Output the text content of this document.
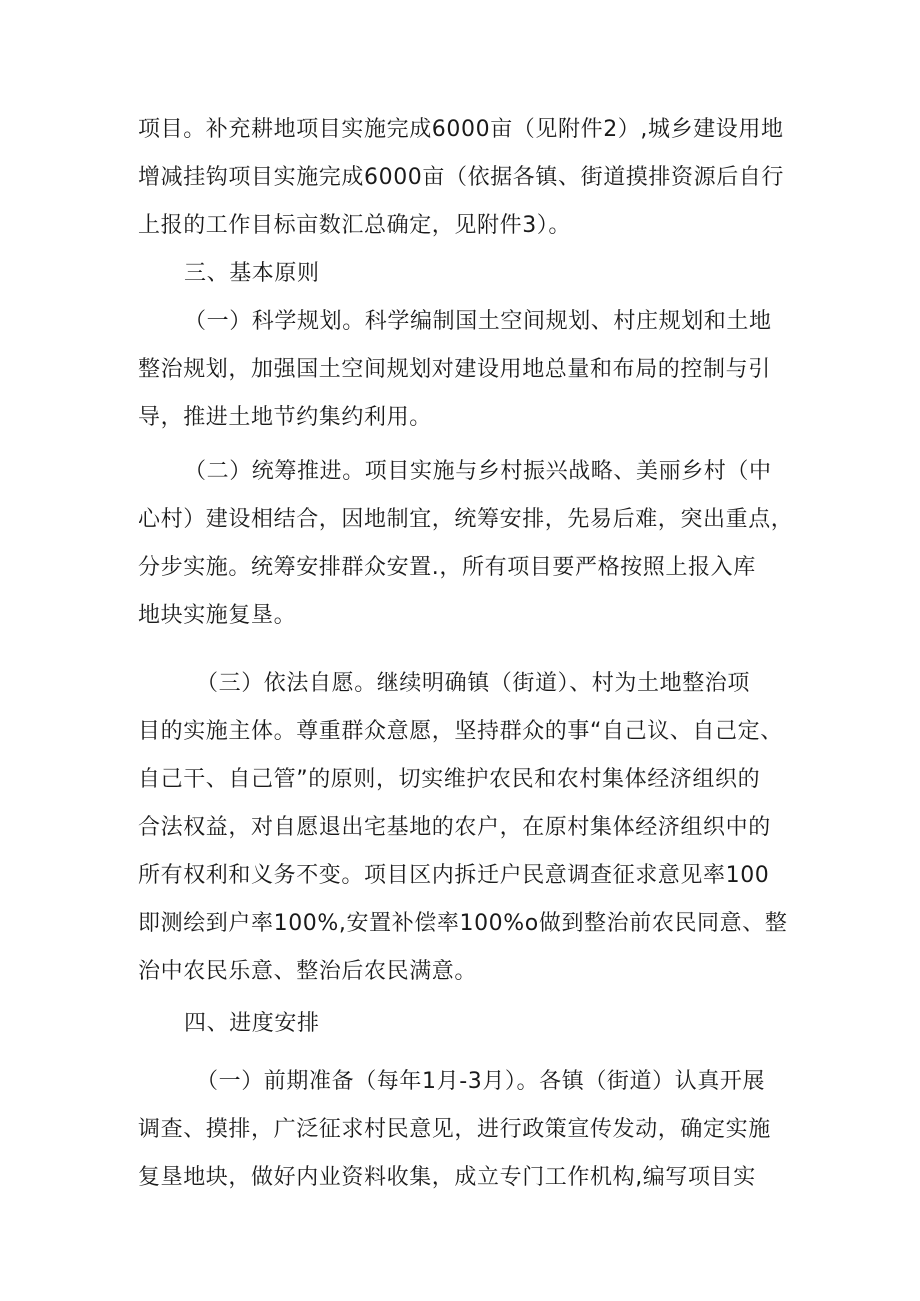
项目。补充耕地项目实施完成6000亩（见附件2）,城乡建设用地
增减挂钩项目实施完成6000亩（依据各镇、街道摸排资源后自行
上报的工作目标亩数汇总确定，见附件3）。
三、基本原则
（一）科学规划。科学编制国土空间规划、村庄规划和土地
整治规划，加强国土空间规划对建设用地总量和布局的控制与引
导，推进土地节约集约利用。
（二）统筹推进。项目实施与乡村振兴战略、美丽乡村（中
心村）建设相结合，因地制宜，统筹安排，先易后难，突出重点，
分步实施。统筹安排群众安置.，所有项目要严格按照上报入库
地块实施复垦。
（三）依法自愿。继续明确镇（街道）、村为土地整治项
目的实施主体。尊重群众意愿，坚持群众的事“自己议、自己定、
自己干、自己管”的原则，切实维护农民和农村集体经济组织的
合法权益，对自愿退出宅基地的农户，在原村集体经济组织中的
所有权利和义务不变。项目区内拆迁户民意调查征求意见率100
即测绘到户率100%,安置补偿率100%o做到整治前农民同意、整
治中农民乐意、整治后农民满意。
四、进度安排
（一）前期准备（每年1月-3月）。各镇（街道）认真开展
调查、摸排，广泛征求村民意见，进行政策宣传发动，确定实施
复垦地块，做好内业资料收集，成立专门工作机构,编写项目实
